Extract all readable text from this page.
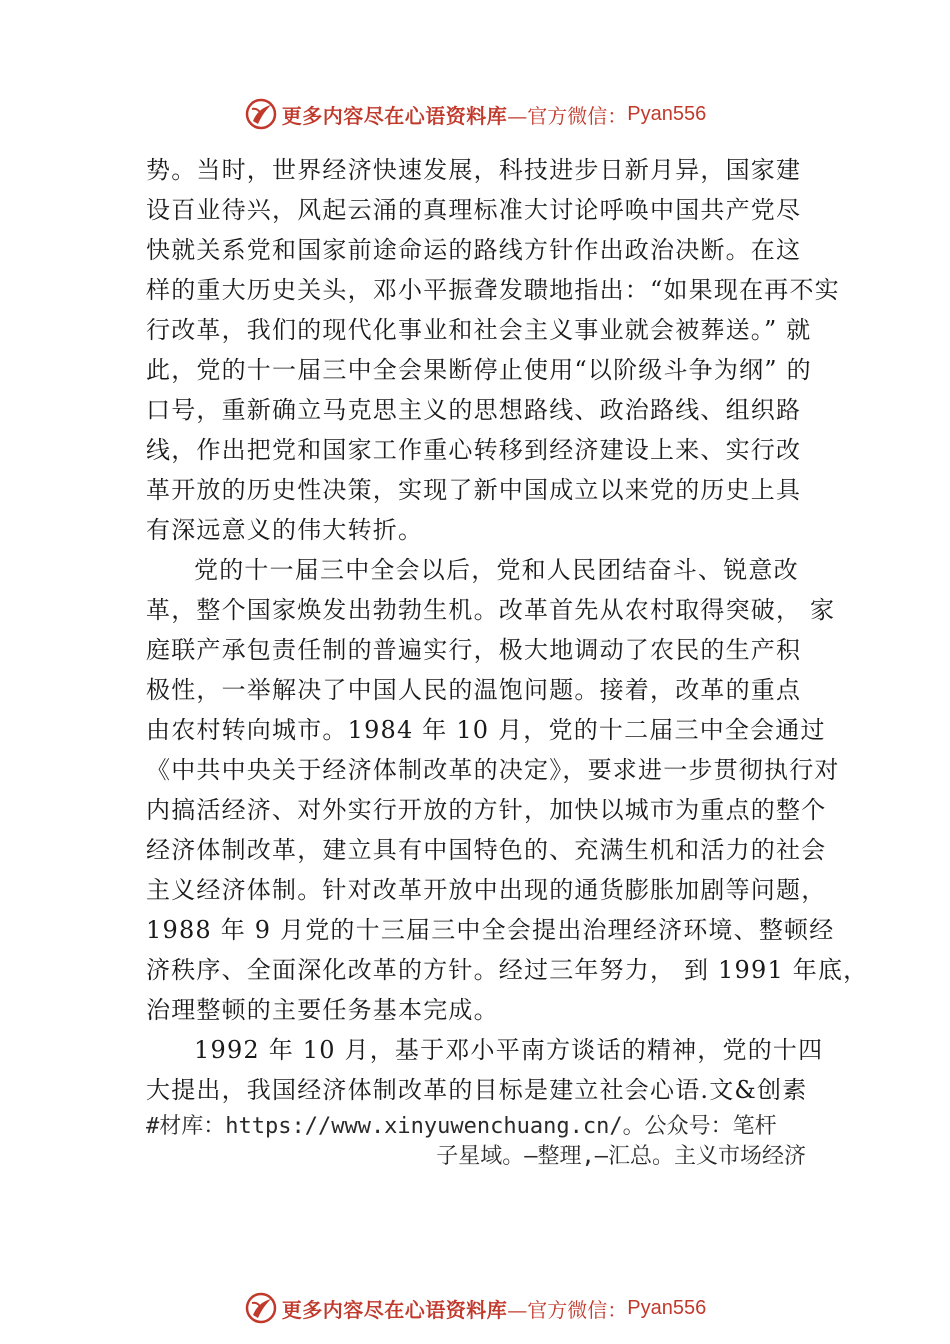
更多内容尽在心语资料库 —官方微信： Pyan556
势。当时，世界经济快速发展，科技进步日新月异，国家建
设百业待兴，风起云涌的真理标准大讨论呼唤中国共产党尽
快就关系党和国家前途命运的路线方针作出政治决断。在这
样的重大历史关头，邓小平振聋发聩地指出：“如果现在再不实
行改革，我们的现代化事业和社会主义事业就会被葬送。” 就
此，党的十一届三中全会果断停止使用“以阶级斗争为纲” 的
口号，重新确立马克思主义的思想路线、政治路线、组织路
线，作出把党和国家工作重心转移到经济建设上来、实行改
革开放的历史性决策，实现了新中国成立以来党的历史上具
有深远意义的伟大转折。
党的十一届三中全会以后，党和人民团结奋斗、锐意改
革，整个国家焕发出勃勃生机。改革首先从农村取得突破， 家
庭联产承包责任制的普遍实行，极大地调动了农民的生产积
极性，一举解决了中国人民的温饱问题。接着，改革的重点
由农村转向城市。1984 年 10 月，党的十二届三中全会通过
《中共中央关于经济体制改革的决定》，要求进一步贯彻执行对
内搞活经济、对外实行开放的方针，加快以城市为重点的整个
经济体制改革，建立具有中国特色的、充满生机和活力的社会
主义经济体制。针对改革开放中出现的通货膨胀加剧等问题，
1988 年 9 月党的十三届三中全会提出治理经济环境、整顿经
济秩序、全面深化改革的方针。经过三年努力， 到 1991 年底，
治理整顿的主要任务基本完成。
1992 年 10 月，基于邓小平南方谈话的精神，党的十四
大提出，我国经济体制改革的目标是建立社会心语.文&创素
#材库：https://www.xinyuwenchuang.cn/。公众号：笔杆
子星域。—整理,—汇总。主义市场经济
更多内容尽在心语资料库 —官方微信： Pyan556
